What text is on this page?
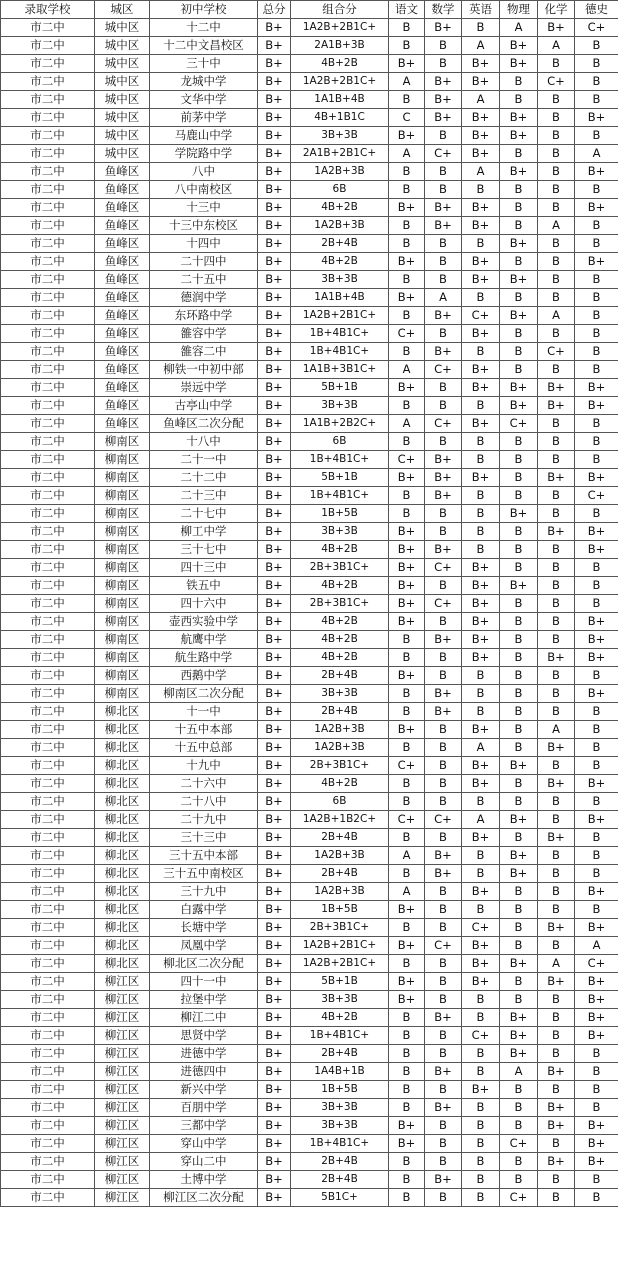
录取学校	城区	初中学校	总分	组合分	语文	数学	英语	物理	化学	德史
市二中	城中区	十二中	B+	1A2B+2B1C+	B	B+	B	A	B+	C+
市二中	城中区	十二中文昌校区	B+	2A1B+3B	B	B	A	B+	A	B
市二中	城中区	三十中	B+	4B+2B	B+	B	B+	B+	B	B
市二中	城中区	龙城中学	B+	1A2B+2B1C+	A	B+	B+	B	C+	B
市二中	城中区	文华中学	B+	1A1B+4B	B	B+	A	B	B	B
市二中	城中区	前茅中学	B+	4B+1B1C	C	B+	B+	B+	B	B+
市二中	城中区	马鹿山中学	B+	3B+3B	B+	B	B+	B+	B	B
市二中	城中区	学院路中学	B+	2A1B+2B1C+	A	C+	B+	B	B	A
市二中	鱼峰区	八中	B+	1A2B+3B	B	B	A	B+	B	B+
市二中	鱼峰区	八中南校区	B+	6B	B	B	B	B	B	B
市二中	鱼峰区	十三中	B+	4B+2B	B+	B+	B+	B	B	B+
市二中	鱼峰区	十三中东校区	B+	1A2B+3B	B	B+	B+	B	A	B
市二中	鱼峰区	十四中	B+	2B+4B	B	B	B	B+	B	B
市二中	鱼峰区	二十四中	B+	4B+2B	B+	B	B+	B	B	B+
市二中	鱼峰区	二十五中	B+	3B+3B	B	B	B+	B+	B	B
市二中	鱼峰区	德润中学	B+	1A1B+4B	B+	A	B	B	B	B
市二中	鱼峰区	东环路中学	B+	1A2B+2B1C+	B	B+	C+	B+	A	B
市二中	鱼峰区	雒容中学	B+	1B+4B1C+	C+	B	B+	B	B	B
市二中	鱼峰区	雒容二中	B+	1B+4B1C+	B	B+	B	B	C+	B
市二中	鱼峰区	柳铁一中初中部	B+	1A1B+3B1C+	A	C+	B+	B	B	B
市二中	鱼峰区	崇远中学	B+	5B+1B	B+	B	B+	B+	B+	B+
市二中	鱼峰区	古亭山中学	B+	3B+3B	B	B	B	B+	B+	B+
市二中	鱼峰区	鱼峰区二次分配	B+	1A1B+2B2C+	A	C+	B+	C+	B	B
市二中	柳南区	十八中	B+	6B	B	B	B	B	B	B
市二中	柳南区	二十一中	B+	1B+4B1C+	C+	B+	B	B	B	B
市二中	柳南区	二十二中	B+	5B+1B	B+	B+	B+	B	B+	B+
市二中	柳南区	二十三中	B+	1B+4B1C+	B	B+	B	B	B	C+
市二中	柳南区	二十七中	B+	1B+5B	B	B	B	B+	B	B
市二中	柳南区	柳工中学	B+	3B+3B	B+	B	B	B	B+	B+
市二中	柳南区	三十七中	B+	4B+2B	B+	B+	B	B	B	B+
市二中	柳南区	四十三中	B+	2B+3B1C+	B+	C+	B+	B	B	B
市二中	柳南区	铁五中	B+	4B+2B	B+	B	B+	B+	B	B
市二中	柳南区	四十六中	B+	2B+3B1C+	B+	C+	B+	B	B	B
市二中	柳南区	壶西实验中学	B+	4B+2B	B+	B	B+	B	B	B+
市二中	柳南区	航鹰中学	B+	4B+2B	B	B+	B+	B	B	B+
市二中	柳南区	航生路中学	B+	4B+2B	B	B	B+	B	B+	B+
市二中	柳南区	西鹅中学	B+	2B+4B	B+	B	B	B	B	B
市二中	柳南区	柳南区二次分配	B+	3B+3B	B	B+	B	B	B	B+
市二中	柳北区	十一中	B+	2B+4B	B	B+	B	B	B	B
市二中	柳北区	十五中本部	B+	1A2B+3B	B+	B	B+	B	A	B
市二中	柳北区	十五中总部	B+	1A2B+3B	B	B	A	B	B+	B
市二中	柳北区	十九中	B+	2B+3B1C+	C+	B	B+	B+	B	B
市二中	柳北区	二十六中	B+	4B+2B	B	B	B+	B	B+	B+
市二中	柳北区	二十八中	B+	6B	B	B	B	B	B	B
市二中	柳北区	二十九中	B+	1A2B+1B2C+	C+	C+	A	B+	B	B+
市二中	柳北区	三十三中	B+	2B+4B	B	B	B+	B	B+	B
市二中	柳北区	三十五中本部	B+	1A2B+3B	A	B+	B	B+	B	B
市二中	柳北区	三十五中南校区	B+	2B+4B	B	B+	B	B+	B	B
市二中	柳北区	三十九中	B+	1A2B+3B	A	B	B+	B	B	B+
市二中	柳北区	白露中学	B+	1B+5B	B+	B	B	B	B	B
市二中	柳北区	长塘中学	B+	2B+3B1C+	B	B	C+	B	B+	B+
市二中	柳北区	凤凰中学	B+	1A2B+2B1C+	B+	C+	B+	B	B	A
市二中	柳北区	柳北区二次分配	B+	1A2B+2B1C+	B	B	B+	B+	A	C+
市二中	柳江区	四十一中	B+	5B+1B	B+	B	B+	B	B+	B+
市二中	柳江区	拉堡中学	B+	3B+3B	B+	B	B	B	B	B+
市二中	柳江区	柳江二中	B+	4B+2B	B	B+	B	B+	B	B+
市二中	柳江区	思贤中学	B+	1B+4B1C+	B	B	C+	B+	B	B+
市二中	柳江区	进德中学	B+	2B+4B	B	B	B	B+	B	B
市二中	柳江区	进德四中	B+	1A4B+1B	B	B+	B	A	B+	B
市二中	柳江区	新兴中学	B+	1B+5B	B	B	B+	B	B	B
市二中	柳江区	百朋中学	B+	3B+3B	B	B+	B	B	B+	B
市二中	柳江区	三都中学	B+	3B+3B	B+	B	B	B	B+	B+
市二中	柳江区	穿山中学	B+	1B+4B1C+	B+	B	B	C+	B	B+
市二中	柳江区	穿山二中	B+	2B+4B	B	B	B	B	B+	B+
市二中	柳江区	土博中学	B+	2B+4B	B	B+	B	B	B	B
市二中	柳江区	柳江区二次分配	B+	5B1C+	B	B	B	C+	B	B
